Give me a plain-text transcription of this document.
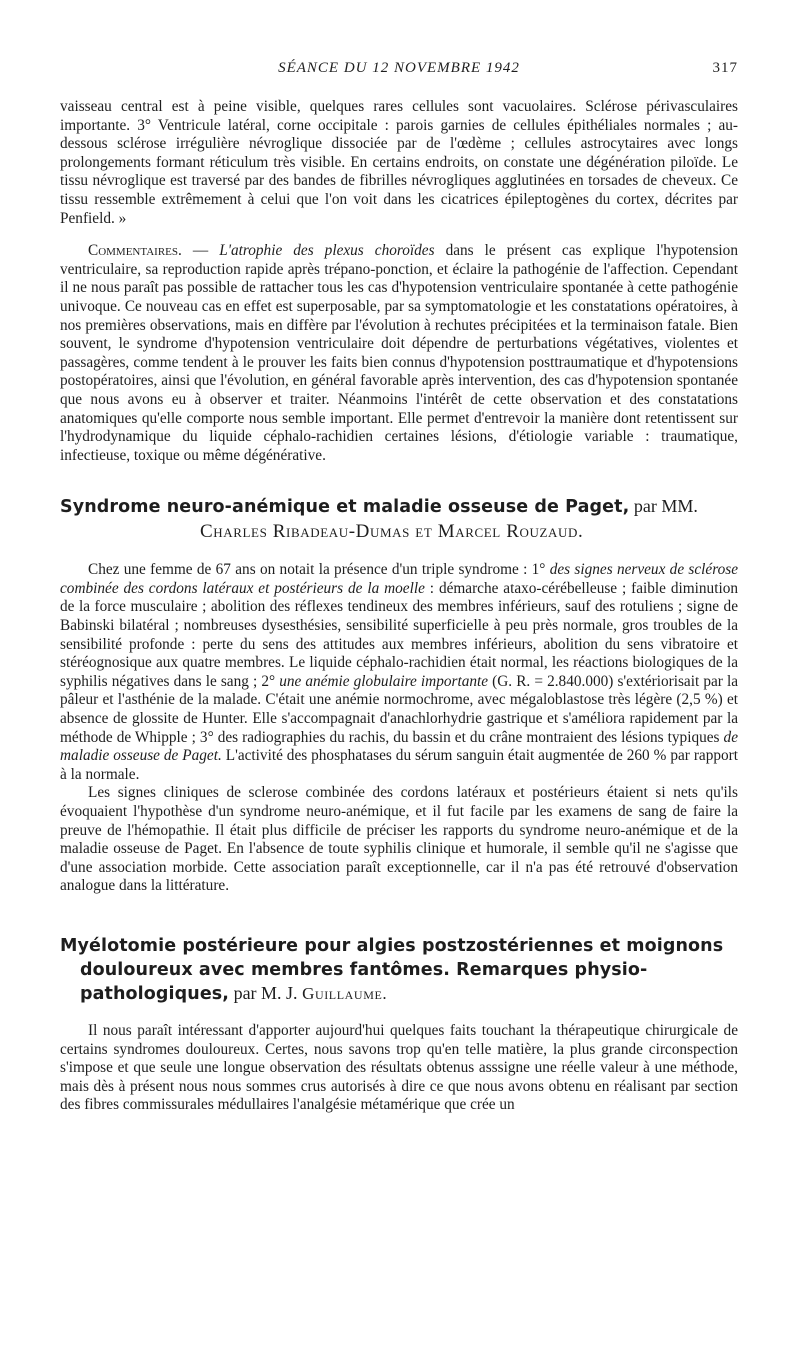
SÉANCE DU 12 NOVEMBRE 1942	317

vaisseau central est à peine visible, quelques rares cellules sont vacuolaires. Sclérose périvasculaires importante. 3° Ventricule latéral, corne occipitale : parois garnies de cellules épithéliales normales ; au-dessous sclérose irrégulière névroglique dissociée par de l'œdème ; cellules astrocytaires avec longs prolongements formant réticulum très visible. En certains endroits, on constate une dégénération piloïde. Le tissu névroglique est traversé par des bandes de fibrilles névrogliques agglutinées en torsades de cheveux. Ce tissu ressemble extrêmement à celui que l'on voit dans les cicatrices épileptogènes du cortex, décrites par Penfield. »

Commentaires. — L'atrophie des plexus choroïdes dans le présent cas explique l'hypotension ventriculaire, sa reproduction rapide après trépano-ponction, et éclaire la pathogénie de l'affection. Cependant il ne nous paraît pas possible de rattacher tous les cas d'hypotension ventriculaire spontanée à cette pathogénie univoque. Ce nouveau cas en effet est superposable, par sa symptomatologie et les constatations opératoires, à nos premières observations, mais en diffère par l'évolution à rechutes précipitées et la terminaison fatale. Bien souvent, le syndrome d'hypotension ventriculaire doit dépendre de perturbations végétatives, violentes et passagères, comme tendent à le prouver les faits bien connus d'hypotension posttraumatique et d'hypotensions postopératoires, ainsi que l'évolution, en général favorable après intervention, des cas d'hypotension spontanée que nous avons eu à observer et traiter. Néanmoins l'intérêt de cette observation et des constatations anatomiques qu'elle comporte nous semble important. Elle permet d'entrevoir la manière dont retentissent sur l'hydrodynamique du liquide céphalo-rachidien certaines lésions, d'étiologie variable : traumatique, infectieuse, toxique ou même dégénérative.

Syndrome neuro-anémique et maladie osseuse de Paget, par MM.
Charles Ribadeau-Dumas et Marcel Rouzaud.

Chez une femme de 67 ans on notait la présence d'un triple syndrome : 1° des signes nerveux de sclérose combinée des cordons latéraux et postérieurs de la moelle : démarche ataxo-cérébelleuse ; faible diminution de la force musculaire ; abolition des réflexes tendineux des membres inférieurs, sauf des rotuliens ; signe de Babinski bilatéral ; nombreuses dysesthésies, sensibilité superficielle à peu près normale, gros troubles de la sensibilité profonde : perte du sens des attitudes aux membres inférieurs, abolition du sens vibratoire et stéréognosique aux quatre membres. Le liquide céphalo-rachidien était normal, les réactions biologiques de la syphilis négatives dans le sang ; 2° une anémie globulaire importante (G. R. = 2.840.000) s'extériorisait par la pâleur et l'asthénie de la malade. C'était une anémie normochrome, avec mégaloblastose très légère (2,5 %) et absence de glossite de Hunter. Elle s'accompagnait d'anachlorhydrie gastrique et s'améliora rapidement par la méthode de Whipple ; 3° des radiographies du rachis, du bassin et du crâne montraient des lésions typiques de maladie osseuse de Paget. L'activité des phosphatases du sérum sanguin était augmentée de 260 % par rapport à la normale.

Les signes cliniques de sclerose combinée des cordons latéraux et postérieurs étaient si nets qu'ils évoquaient l'hypothèse d'un syndrome neuro-anémique, et il fut facile par les examens de sang de faire la preuve de l'hémopathie. Il était plus difficile de préciser les rapports du syndrome neuro-anémique et de la maladie osseuse de Paget. En l'absence de toute syphilis clinique et humorale, il semble qu'il ne s'agisse que d'une association morbide. Cette association paraît exceptionnelle, car il n'a pas été retrouvé d'observation analogue dans la littérature.

Myélotomie postérieure pour algies postzostériennes et moignons douloureux avec membres fantômes. Remarques physio-pathologiques, par M. J. Guillaume.

Il nous paraît intéressant d'apporter aujourd'hui quelques faits touchant la thérapeutique chirurgicale de certains syndromes douloureux. Certes, nous savons trop qu'en telle matière, la plus grande circonspection s'impose et que seule une longue observation des résultats obtenus asssigne une réelle valeur à une méthode, mais dès à présent nous nous sommes crus autorisés à dire ce que nous avons obtenu en réalisant par section des fibres commissurales médullaires l'analgésie métamérique que crée un
